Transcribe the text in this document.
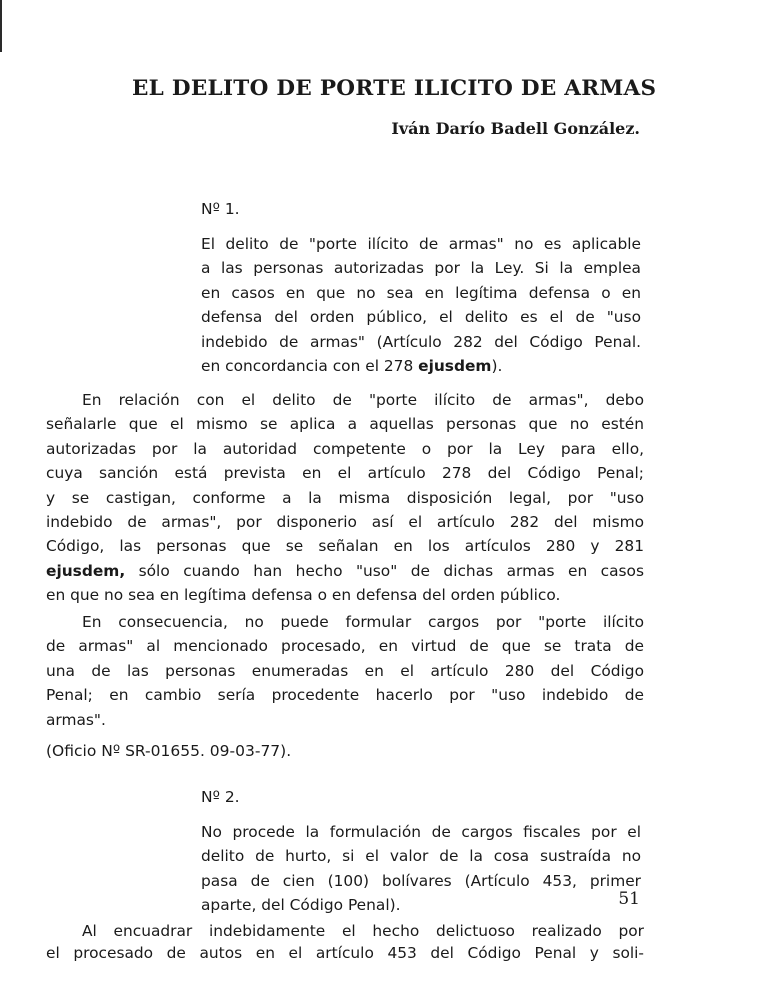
EL DELITO DE PORTE ILICITO DE ARMAS

Iván Darío Badell González.

Nº 1.

El delito de "porte ilícito de armas" no es aplicable
a las personas autorizadas por la Ley. Si la emplea
en casos en que no sea en legítima defensa o en
defensa del orden público, el delito es el de "uso
indebido de armas" (Artículo 282 del Código Penal.
en concordancia con el 278 ejusdem).
En relación con el delito de "porte ilícito de armas", debo
señalarle que el mismo se aplica a aquellas personas que no estén
autorizadas por la autoridad competente o por la Ley para ello,
cuya sanción está prevista en el artículo 278 del Código Penal;
y se castigan, conforme a la misma disposición legal, por "uso
indebido de armas", por disponerio así el artículo 282 del mismo
Código, las personas que se señalan en los artículos 280 y 281
ejusdem, sólo cuando han hecho "uso" de dichas armas en casos
en que no sea en legítima defensa o en defensa del orden público.
En consecuencia, no puede formular cargos por "porte ilícito
de armas" al mencionado procesado, en virtud de que se trata de
una de las personas enumeradas en el artículo 280 del Código
Penal; en cambio sería procedente hacerlo por "uso indebido de
armas".

(Oficio Nº SR-01655. 09-03-77).

Nº 2.

No procede la formulación de cargos fiscales por el
delito de hurto, si el valor de la cosa sustraída no
pasa de cien (100) bolívares (Artículo 453, primer
aparte, del Código Penal).	51

Al encuadrar indebidamente el hecho delictuoso realizado por
el procesado de autos en el artículo 453 del Código Penal y soli-
